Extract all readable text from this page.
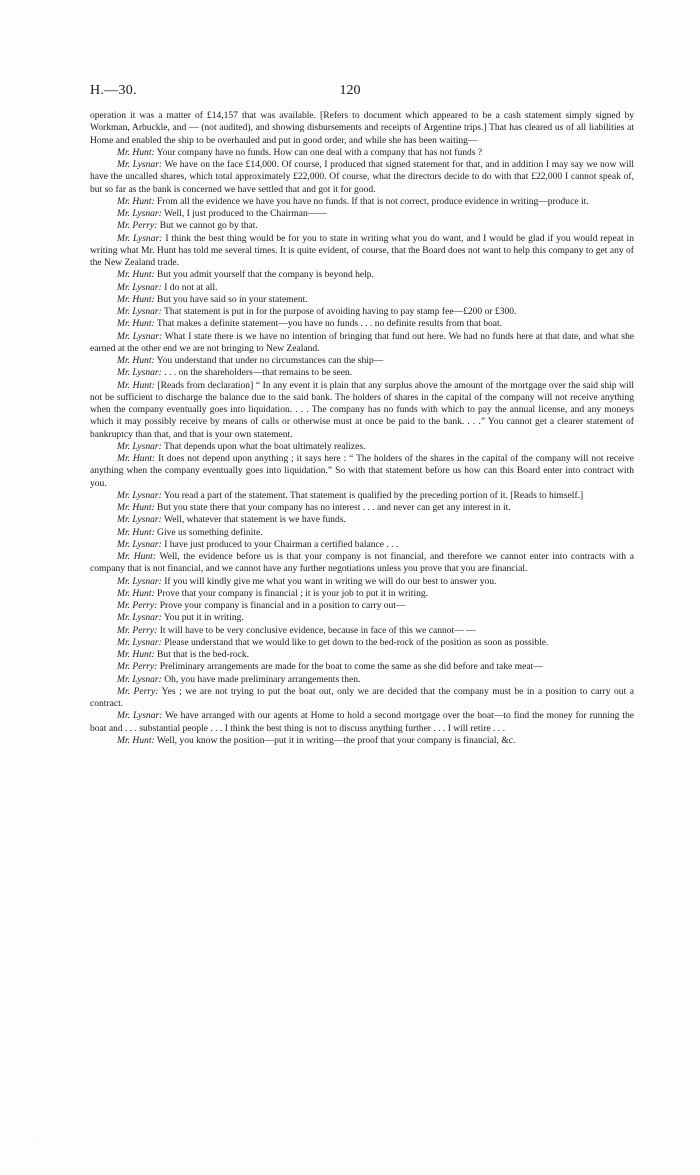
H.—30.	120

operation it was a matter of £14,157 that was available. [Refers to document which appeared to be a cash statement simply signed by Workman, Arbuckle, and — (not audited), and showing disbursements and receipts of Argentine trips.] That has cleared us of all liabilities at Home and enabled the ship to be overhauled and put in good order, and while she has been waiting—

Mr. Hunt: Your company have no funds. How can one deal with a company that has not funds ?

Mr. Lysnar: We have on the face £14,000. Of course, I produced that signed statement for that, and in addition I may say we now will have the uncalled shares, which total approximately £22,000. Of course, what the directors decide to do with that £22,000 I cannot speak of, but so far as the bank is concerned we have settled that and got it for good.

Mr. Hunt: From all the evidence we have you have no funds. If that is not correct, produce evidence in writing—produce it.

Mr. Lysnar: Well, I just produced to the Chairman——

Mr. Perry: But we cannot go by that.

Mr. Lysnar: I think the best thing would be for you to state in writing what you do want, and I would be glad if you would repeat in writing what Mr. Hunt has told me several times. It is quite evident, of course, that the Board does not want to help this company to get any of the New Zealand trade.

Mr. Hunt: But you admit yourself that the company is beyond help.

Mr. Lysnar: I do not at all.

Mr. Hunt: But you have said so in your statement.

Mr. Lysnar: That statement is put in for the purpose of avoiding having to pay stamp fee—£200 or £300.

Mr. Hunt: That makes a definite statement—you have no funds . . . no definite results from that boat.

Mr. Lysnar: What I state there is we have no intention of bringing that fund out here. We had no funds here at that date, and what she earned at the other end we are not bringing to New Zealand.

Mr. Hunt: You understand that under no circumstances can the ship—

Mr. Lysnar: . . . on the shareholders—that remains to be seen.

Mr. Hunt: [Reads from declaration] “ In any event it is plain that any surplus above the amount of the mortgage over the said ship will not be sufficient to discharge the balance due to the said bank. The holders of shares in the capital of the company will not receive anything when the company eventually goes into liquidation. . . . The company has no funds with which to pay the annual license, and any moneys which it may possibly receive by means of calls or otherwise must at once be paid to the bank. . . .” You cannot get a clearer statement of bankruptcy than that, and that is your own statement.

Mr. Lysnar: That depends upon what the boat ultimately realizes.

Mr. Hunt: It does not depend upon anything ; it says here : “ The holders of the shares in the capital of the company will not receive anything when the company eventually goes into liquidation.” So with that statement before us how can this Board enter into contract with you.

Mr. Lysnar: You read a part of the statement. That statement is qualified by the preceding portion of it. [Reads to himself.]

Mr. Hunt: But you state there that your company has no interest . . . and never can get any interest in it.

Mr. Lysnar: Well, whatever that statement is we have funds.

Mr. Hunt: Give us something definite.

Mr. Lysnar: I have just produced to your Chairman a certified balance . . .

Mr. Hunt: Well, the evidence before us is that your company is not financial, and therefore we cannot enter into contracts with a company that is not financial, and we cannot have any further negotiations unless you prove that you are financial.

Mr. Lysnar: If you will kindly give me what you want in writing we will do our best to answer you.

Mr. Hunt: Prove that your company is financial ; it is your job to put it in writing.

Mr. Perry: Prove your company is financial and in a position to carry out—

Mr. Lysnar: You put it in writing.

Mr. Perry: It will have to be very conclusive evidence, because in face of this we cannot— —

Mr. Lysnar: Please understand that we would like to get down to the bed-rock of the position as soon as possible.

Mr. Hunt: But that is the bed-rock.

Mr. Perry: Preliminary arrangements are made for the boat to come the same as she did before and take meat—

Mr. Lysnar: Oh, you have made preliminary arrangements then.

Mr. Perry: Yes ; we are not trying to put the boat out, only we are decided that the company must be in a position to carry out a contract.

Mr. Lysnar: We have arranged with our agents at Home to hold a second mortgage over the boat—to find the money for running the boat and . . . substantial people . . . I think the best thing is not to discuss anything further . . . I will retire . . .

Mr. Hunt: Well, you know the position—put it in writing—the proof that your company is financial, &c.

·
